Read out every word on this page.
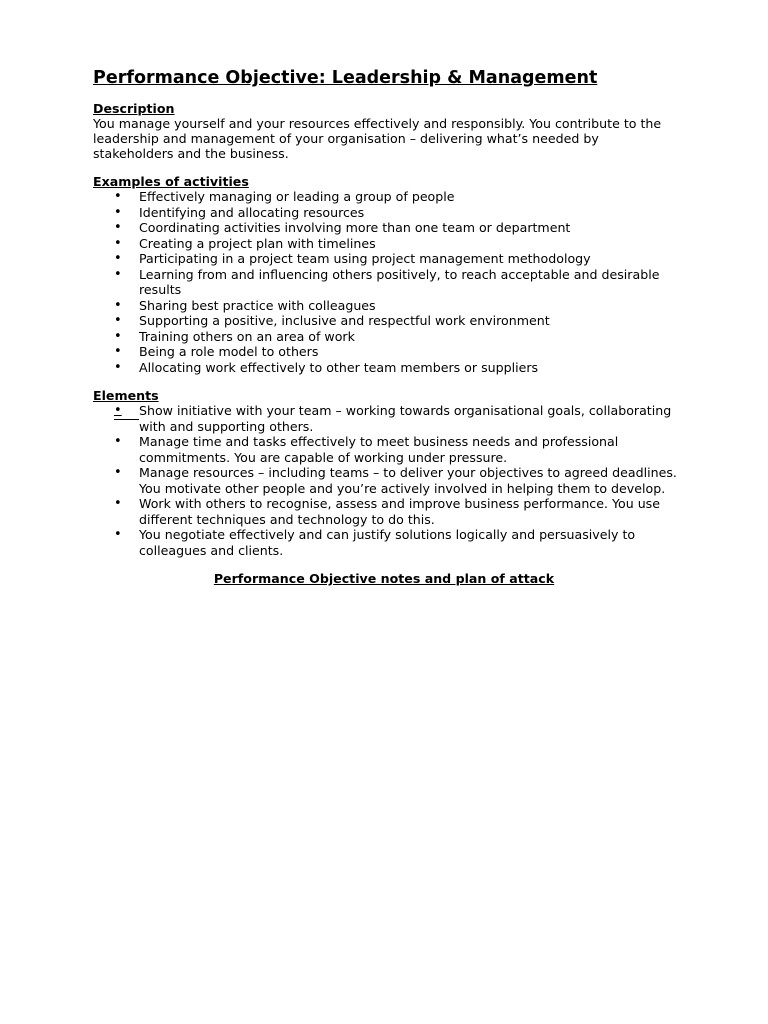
Performance Objective: Leadership & Management
Description

You manage yourself and your resources effectively and responsibly. You contribute to the leadership and management of your organisation – delivering what’s needed by stakeholders and the business.

Examples of activities
• Effectively managing or leading a group of people
• Identifying and allocating resources
• Coordinating activities involving more than one team or department
• Creating a project plan with timelines
• Participating in a project team using project management methodology
• Learning from and influencing others positively, to reach acceptable and desirable results
• Sharing best practice with colleagues
• Supporting a positive, inclusive and respectful work environment
• Training others on an area of work
• Being a role model to others
• Allocating work effectively to other team members or suppliers
Elements
• Show initiative with your team – working towards organisational goals, collaborating with and supporting others.
• Manage time and tasks effectively to meet business needs and professional commitments. You are capable of working under pressure.
• Manage resources – including teams – to deliver your objectives to agreed deadlines. You motivate other people and you’re actively involved in helping them to develop.
• Work with others to recognise, assess and improve business performance. You use different techniques and technology to do this.
• You negotiate effectively and can justify solutions logically and persuasively to colleagues and clients.
Performance Objective notes and plan of attack
